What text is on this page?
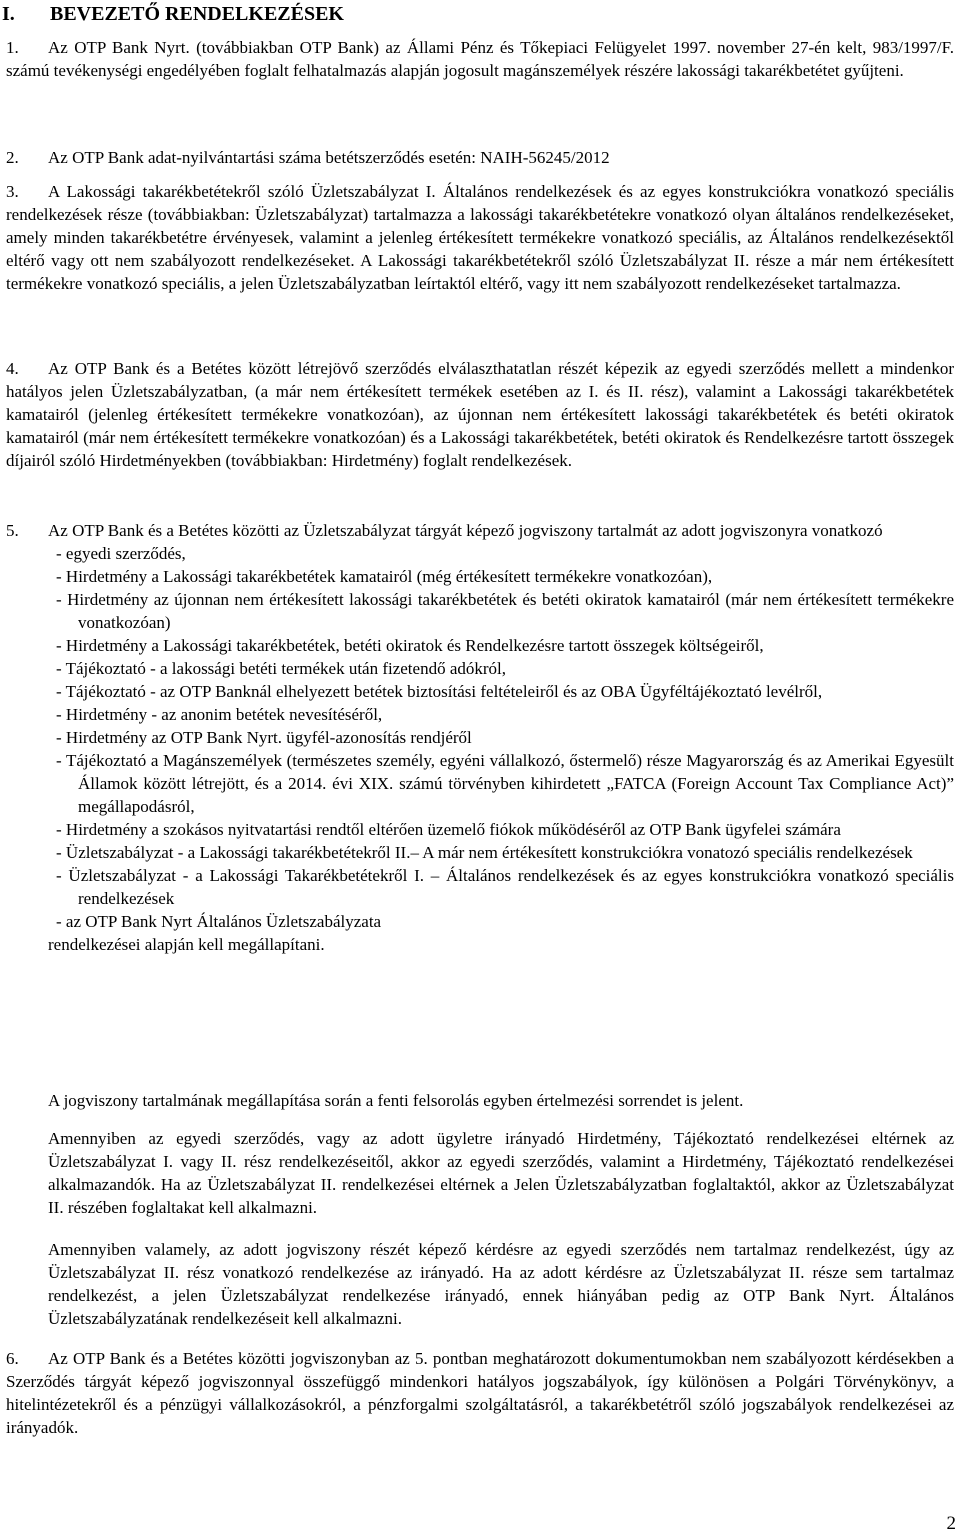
I. BEVEZETŐ RENDELKEZÉSEK
1.	Az OTP Bank Nyrt. (továbbiakban OTP Bank) az Állami Pénz és Tőkepiaci Felügyelet 1997. november 27-én kelt, 983/1997/F. számú tevékenységi engedélyében foglalt felhatalmazás alapján jogosult magánszemélyek részére lakossági takarékbetétet gyűjteni.
2. Az OTP Bank adat-nyilvántartási száma betétszerződés esetén: NAIH-56245/2012
3.	A Lakossági takarékbetétekről szóló Üzletszabályzat I. Általános rendelkezések és az egyes konstrukciókra vonatkozó speciális rendelkezések része (továbbiakban: Üzletszabályzat) tartalmazza a lakossági takarékbetétekre vonatkozó olyan általános rendelkezéseket, amely minden takarékbetétre érvényesek, valamint a jelenleg értékesített termékekre vonatkozó speciális, az Általános rendelkezésektől eltérő vagy ott nem szabályozott rendelkezéseket. A Lakossági takarékbetétekről szóló Üzletszabályzat II. része a már nem értékesített termékekre vonatkozó speciális, a jelen Üzletszabályzatban leírtaktól eltérő, vagy itt nem szabályozott rendelkezéseket tartalmazza.
4.	Az OTP Bank és a Betétes között létrejövő szerződés elválaszthatatlan részét képezik az egyedi szerződés mellett a mindenkor hatályos jelen Üzletszabályzatban, (a már nem értékesített termékek esetében az I. és II. rész), valamint a Lakossági takarékbetétek kamatairól (jelenleg értékesített termékekre vonatkozóan), az újonnan nem értékesített lakossági takarékbetétek és betéti okiratok kamatairól (már nem értékesített termékekre vonatkozóan) és a Lakossági takarékbetétek, betéti okiratok és Rendelkezésre tartott összegek díjairól szóló Hirdetményekben (továbbiakban: Hirdetmény) foglalt rendelkezések.
5.	Az OTP Bank és a Betétes közötti az Üzletszabályzat tárgyát képező jogviszony tartalmát az adott jogviszonyra vonatkozó
- egyedi szerződés,
- Hirdetmény a Lakossági takarékbetétek kamatairól (még értékesített termékekre vonatkozóan),
- Hirdetmény az újonnan nem értékesített lakossági takarékbetétek és betéti okiratok kamatairól (már nem értékesített termékekre vonatkozóan)
- Hirdetmény a Lakossági takarékbetétek, betéti okiratok és Rendelkezésre tartott összegek költségeiről,
- Tájékoztató - a lakossági betéti termékek után fizetendő adókról,
- Tájékoztató - az OTP Banknál elhelyezett betétek biztosítási feltételeiről és az OBA Ügyféltájékoztató levélről,
- Hirdetmény - az anonim betétek nevesítéséről,
- Hirdetmény az OTP Bank Nyrt. ügyfél-azonosítás rendjéről
- Tájékoztató a Magánszemélyek (természetes személy, egyéni vállalkozó, őstermelő) része Magyarország és az Amerikai Egyesült Államok között létrejött, és a 2014. évi XIX. számú törvényben kihirdetett „FATCA (Foreign Account Tax Compliance Act)” megállapodásról,
- Hirdetmény a szokásos nyitvatartási rendtől eltérően üzemelő fiókok működéséről az OTP Bank ügyfelei számára
- Üzletszabályzat - a Lakossági takarékbetétekről II.– A már nem értékesített konstrukciókra vonatozó speciális rendelkezések
- Üzletszabályzat - a Lakossági Takarékbetétekről I. – Általános rendelkezések és az egyes konstrukciókra vonatkozó speciális rendelkezések
- az OTP Bank Nyrt Általános Üzletszabályzata
rendelkezései alapján kell megállapítani.
A jogviszony tartalmának megállapítása során a fenti felsorolás egyben értelmezési sorrendet is jelent.
Amennyiben az egyedi szerződés, vagy az adott ügyletre irányadó Hirdetmény, Tájékoztató rendelkezései eltérnek az Üzletszabályzat I. vagy II. rész rendelkezéseitől, akkor az egyedi szerződés, valamint a Hirdetmény, Tájékoztató rendelkezései alkalmazandók. Ha az Üzletszabályzat II. rendelkezései eltérnek a Jelen Üzletszabályzatban foglaltaktól, akkor az Üzletszabályzat II. részében foglaltakat kell alkalmazni.
Amennyiben valamely, az adott jogviszony részét képező kérdésre az egyedi szerződés nem tartalmaz rendelkezést, úgy az Üzletszabályzat II. rész vonatkozó rendelkezése az irányadó. Ha az adott kérdésre az Üzletszabályzat II. része sem tartalmaz rendelkezést, a jelen Üzletszabályzat rendelkezése irányadó, ennek hiányában pedig az OTP Bank Nyrt. Általános Üzletszabályzatának rendelkezéseit kell alkalmazni.
6.	Az OTP Bank és a Betétes közötti jogviszonyban az 5. pontban meghatározott dokumentumokban nem szabályozott kérdésekben a Szerződés tárgyát képező jogviszonnyal összefüggő mindenkori hatályos jogszabályok, így különösen a Polgári Törvénykönyv, a hitelintézetekről és a pénzügyi vállalkozásokról, a pénzforgalmi szolgáltatásról, a takarékbetétről szóló jogszabályok rendelkezései az irányadók.
2
